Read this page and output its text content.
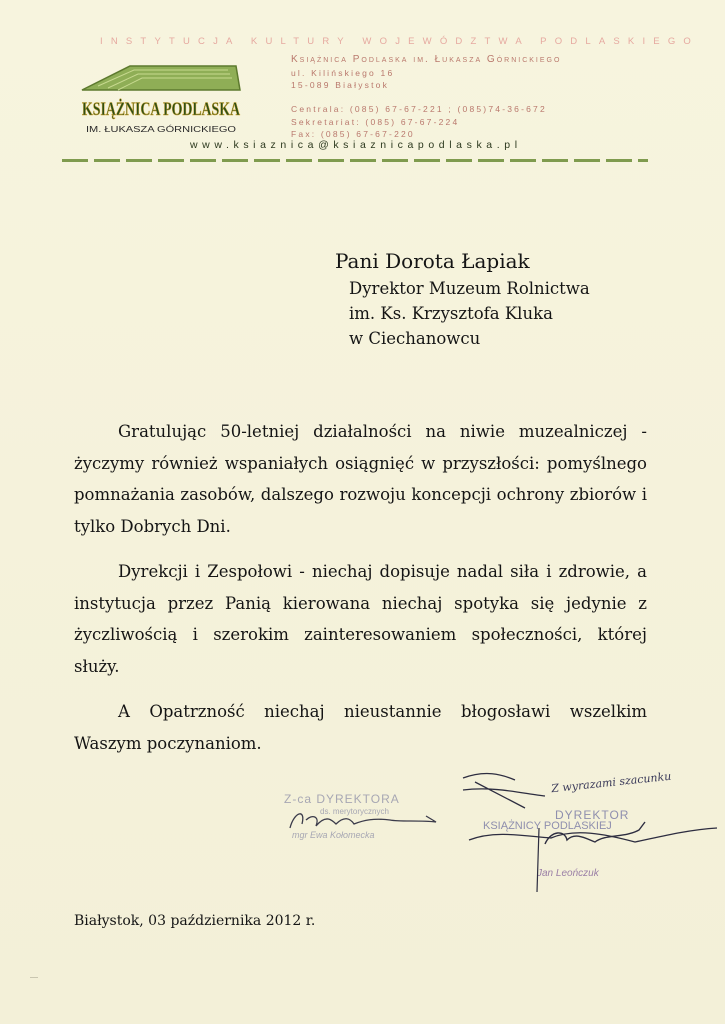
INSTYTUCJA KULTURY WOJEWÓDZTWA PODLASKIEGO
KSIĄŻNICA PODLASKA
IM. ŁUKASZA GÓRNICKIEGO
Książnica Podlaska im. Łukasza Górnickiego
ul. Kilińskiego 16
15-089 Białystok
Centrala: (085) 67-67-221 ; (085)74-36-672
Sekretariat: (085) 67-67-224
Fax: (085) 67-67-220
www.ksiaznica@ksiaznicapodlaska.pl
Pani Dorota Łapiak
Dyrektor Muzeum Rolnictwa
im. Ks. Krzysztofa Kluka
w Ciechanowcu

Gratulując 50-letniej działalności na niwie muzealniczej - życzymy również wspaniałych osiągnięć w przyszłości: pomyślnego pomnażania zasobów, dalszego rozwoju koncepcji ochrony zbiorów i tylko Dobrych Dni.

Dyrekcji i Zespołowi - niechaj dopisuje nadal siła i zdrowie, a instytucja przez Panią kierowana niechaj spotyka się jedynie z życzliwością i szerokim zainteresowaniem społeczności, której służy.

A Opatrzność niechaj nieustannie błogosławi wszelkim Waszym poczynaniom.

Z-ca DYREKTORA
ds. merytorycznych
mgr Ewa Kołomecka
DYREKTOR
KSIĄŻNICY PODLASKIEJ
Jan Leończuk
Z wyrazami szacunku
Białystok, 03 października 2012 r.
